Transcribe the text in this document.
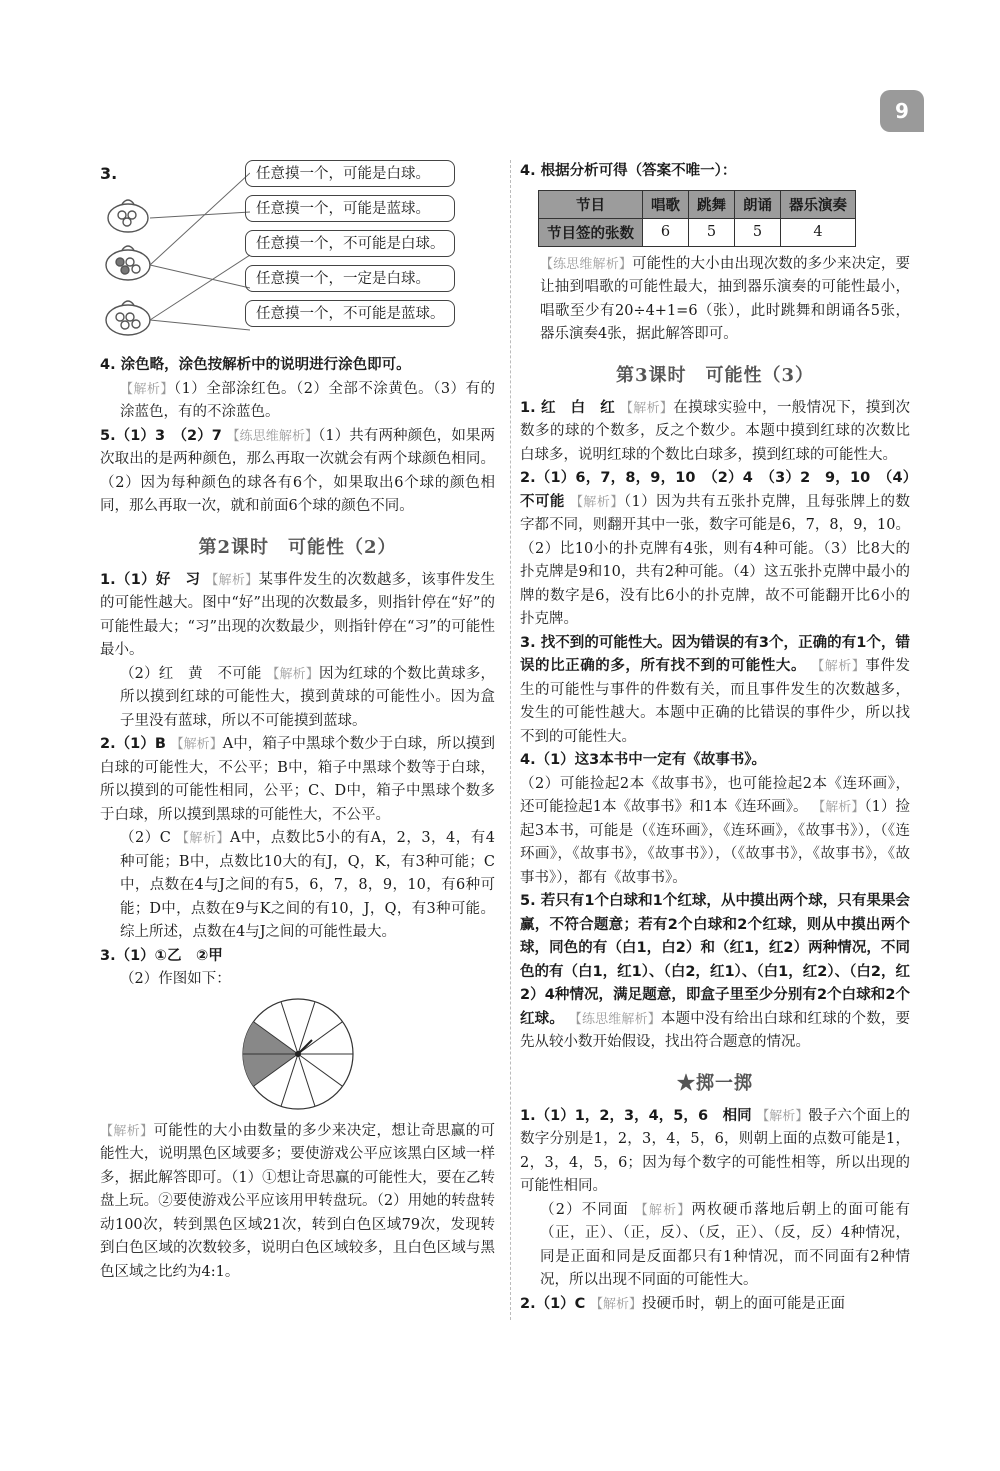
9
3.	任意摸一个，可能是白球。
任意摸一个，可能是蓝球。
任意摸一个，不可能是白球。
任意摸一个，一定是白球。
任意摸一个，不可能是蓝球。

4. 涂色略，涂色按解析中的说明进行涂色即可。

【解析】（1）全部涂红色。（2）全部不涂黄色。（3）有的涂蓝色，有的不涂蓝色。

5.（1）3　（2）7 【练思维解析】（1）共有两种颜色，如果两次取出的是两种颜色，那么再取一次就会有两个球颜色相同。（2）因为每种颜色的球各有6个，如果取出6个球的颜色相同，那么再取一次，就和前面6个球的颜色不同。

第2课时　可能性（2）

1.（1）好　习 【解析】某事件发生的次数越多，该事件发生的可能性越大。图中“好”出现的次数最多，则指针停在“好”的可能性最大；“习”出现的次数最少，则指针停在“习”的可能性最小。

（2）红　黄　不可能 【解析】因为红球的个数比黄球多，所以摸到红球的可能性大，摸到黄球的可能性小。因为盒子里没有蓝球，所以不可能摸到蓝球。

2.（1）B 【解析】A中，箱子中黑球个数少于白球，所以摸到白球的可能性大，不公平；B中，箱子中黑球个数等于白球，所以摸到的可能性相同，公平；C、D中，箱子中黑球个数多于白球，所以摸到黑球的可能性大，不公平。

（2）C 【解析】A中，点数比5小的有A，2，3，4，有4种可能；B中，点数比10大的有J，Q，K，有3种可能；C中，点数在4与J之间的有5，6，7，8，9，10，有6种可能；D中，点数在9与K之间的有10，J，Q，有3种可能。综上所述，点数在4与J之间的可能性最大。

3.（1）①乙　②甲

（2）作图如下：

【解析】可能性的大小由数量的多少来决定，想让奇思赢的可能性大，说明黑色区域要多；要使游戏公平应该黑白区域一样多，据此解答即可。（1）①想让奇思赢的可能性大，要在乙转盘上玩。②要使游戏公平应该用甲转盘玩。（2）用她的转盘转动100次，转到黑色区域21次，转到白色区域79次，发现转到白色区域的次数较多，说明白色区域较多，且白色区域与黑色区域之比约为4:1。

4. 根据分析可得（答案不唯一）：

节目	唱歌	跳舞	朗诵	器乐演奏
节目签的张数	6	5	5	4

【练思维解析】可能性的大小由出现次数的多少来决定，要让抽到唱歌的可能性最大，抽到器乐演奏的可能性最小，唱歌至少有20÷4+1=6（张），此时跳舞和朗诵各5张，器乐演奏4张，据此解答即可。

第3课时　可能性（3）

1. 红　白　红 【解析】在摸球实验中，一般情况下，摸到次数多的球的个数多，反之个数少。本题中摸到红球的次数比白球多，说明红球的个数比白球多，摸到红球的可能性大。

2.（1）6，7，8，9，10　（2）4　（3）2　9，10　（4）不可能 【解析】（1）因为共有五张扑克牌，且每张牌上的数字都不同，则翻开其中一张，数字可能是6，7，8，9，10。（2）比10小的扑克牌有4张，则有4种可能。（3）比8大的扑克牌是9和10，共有2种可能。（4）这五张扑克牌中最小的牌的数字是6，没有比6小的扑克牌，故不可能翻开比6小的扑克牌。

3. 找不到的可能性大。因为错误的有3个，正确的有1个，错误的比正确的多，所有找不到的可能性大。 【解析】事件发生的可能性与事件的件数有关，而且事件发生的次数越多，发生的可能性越大。本题中正确的比错误的事件少，所以找不到的可能性大。

4.（1）这3本书中一定有《故事书》。

（2）可能捡起2本《故事书》，也可能捡起2本《连环画》，还可能捡起1本《故事书》和1本《连环画》。 【解析】（1）捡起3本书，可能是（《连环画》，《连环画》，《故事书》），（《连环画》，《故事书》，《故事书》），（《故事书》，《故事书》，《故事书》），都有《故事书》。

5. 若只有1个白球和1个红球，从中摸出两个球，只有果果会赢，不符合题意；若有2个白球和2个红球，则从中摸出两个球，同色的有（白1，白2）和（红1，红2）两种情况，不同色的有（白1，红1）、（白2，红1）、（白1，红2）、（白2，红2）4种情况，满足题意，即盒子里至少分别有2个白球和2个红球。 【练思维解析】本题中没有给出白球和红球的个数，要先从较小数开始假设，找出符合题意的情况。

★掷一掷

1.（1）1，2，3，4，5，6　相同 【解析】骰子六个面上的数字分别是1，2，3，4，5，6，则朝上面的点数可能是1，2，3，4，5，6；因为每个数字的可能性相等，所以出现的可能性相同。

（2）不同面 【解析】两枚硬币落地后朝上的面可能有（正，正）、（正，反）、（反，正）、（反，反）4种情况，同是正面和同是反面都只有1种情况，而不同面有2种情况，所以出现不同面的可能性大。

2.（1）C 【解析】投硬币时，朝上的面可能是正面
